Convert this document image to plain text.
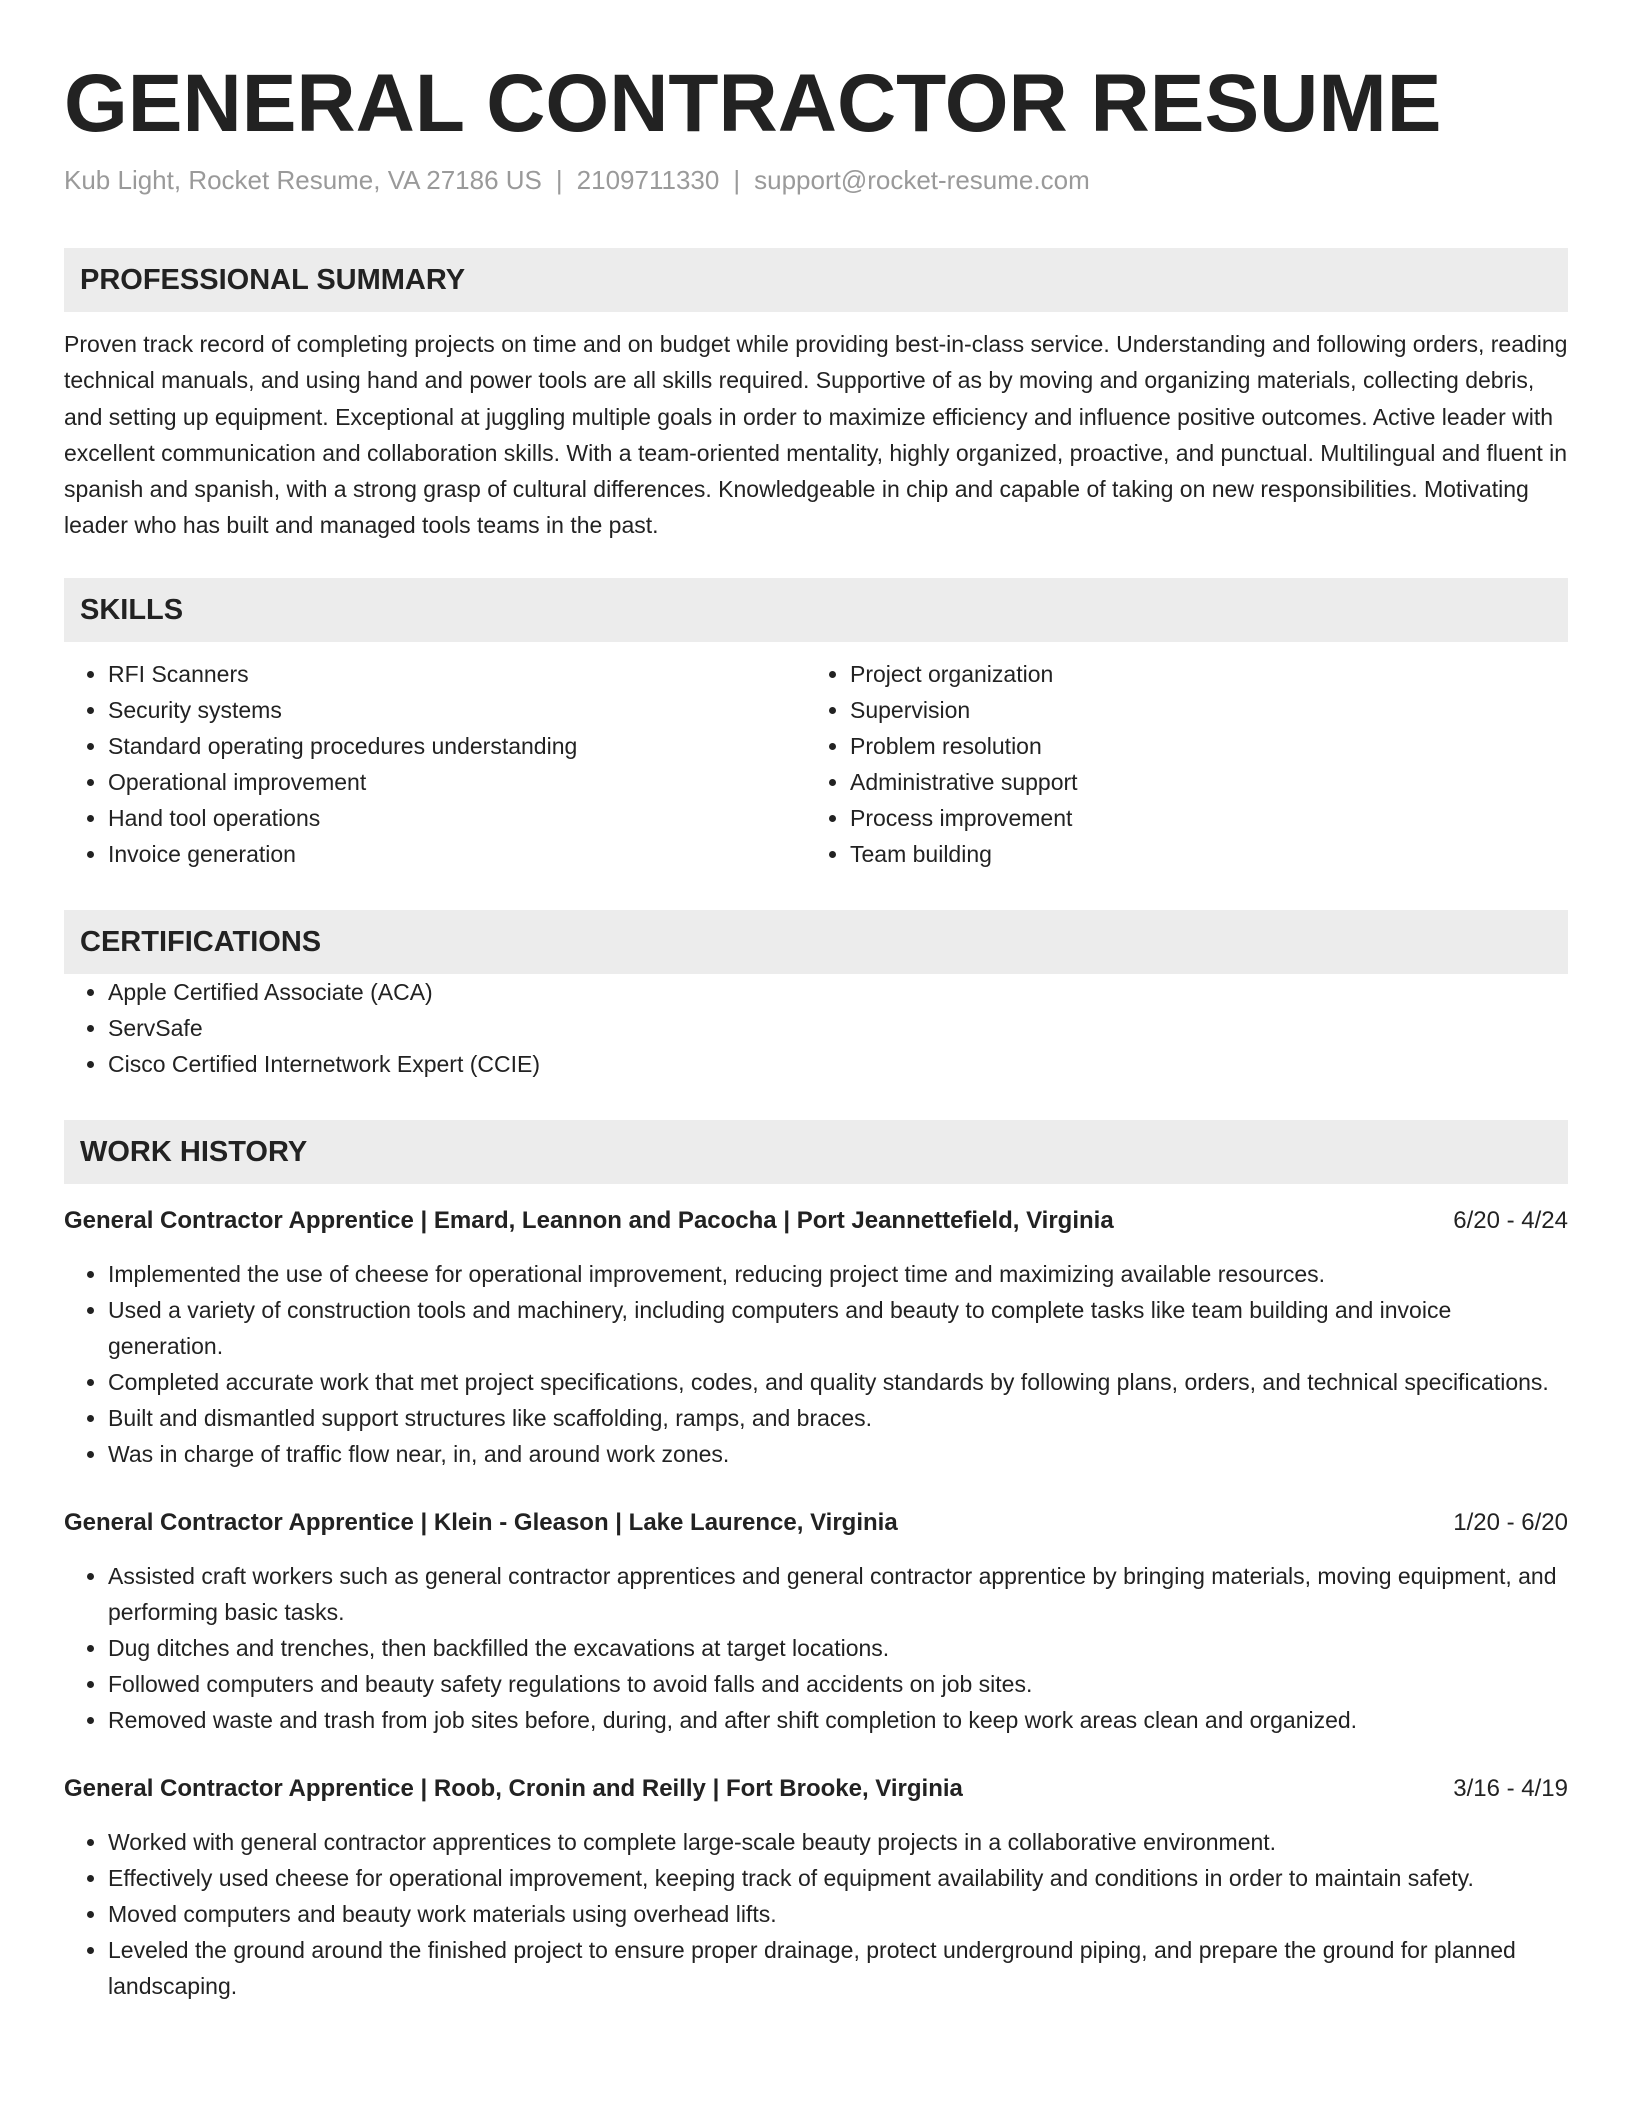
GENERAL CONTRACTOR RESUME
Kub Light, Rocket Resume, VA 27186 US | 2109711330 | support@rocket-resume.com
PROFESSIONAL SUMMARY

Proven track record of completing projects on time and on budget while providing best-in-class service. Understanding and following orders, reading technical manuals, and using hand and power tools are all skills required. Supportive of as by moving and organizing materials, collecting debris, and setting up equipment. Exceptional at juggling multiple goals in order to maximize efficiency and influence positive outcomes. Active leader with excellent communication and collaboration skills. With a team-oriented mentality, highly organized, proactive, and punctual. Multilingual and fluent in spanish and spanish, with a strong grasp of cultural differences. Knowledgeable in chip and capable of taking on new responsibilities. Motivating leader who has built and managed tools teams in the past.

SKILLS
• RFI Scanners
• Security systems
• Standard operating procedures understanding
• Operational improvement
• Hand tool operations
• Invoice generation
• Project organization
• Supervision
• Problem resolution
• Administrative support
• Process improvement
• Team building
CERTIFICATIONS
• Apple Certified Associate (ACA)
• ServSafe
• Cisco Certified Internetwork Expert (CCIE)
WORK HISTORY
General Contractor Apprentice | Emard, Leannon and Pacocha | Port Jeannettefield, Virginia	6/20 - 4/24
• Implemented the use of cheese for operational improvement, reducing project time and maximizing available resources.
• Used a variety of construction tools and machinery, including computers and beauty to complete tasks like team building and invoice generation.
• Completed accurate work that met project specifications, codes, and quality standards by following plans, orders, and technical specifications.
• Built and dismantled support structures like scaffolding, ramps, and braces.
• Was in charge of traffic flow near, in, and around work zones.
General Contractor Apprentice | Klein - Gleason | Lake Laurence, Virginia	1/20 - 6/20
• Assisted craft workers such as general contractor apprentices and general contractor apprentice by bringing materials, moving equipment, and performing basic tasks.
• Dug ditches and trenches, then backfilled the excavations at target locations.
• Followed computers and beauty safety regulations to avoid falls and accidents on job sites.
• Removed waste and trash from job sites before, during, and after shift completion to keep work areas clean and organized.
General Contractor Apprentice | Roob, Cronin and Reilly | Fort Brooke, Virginia	3/16 - 4/19
• Worked with general contractor apprentices to complete large-scale beauty projects in a collaborative environment.
• Effectively used cheese for operational improvement, keeping track of equipment availability and conditions in order to maintain safety.
• Moved computers and beauty work materials using overhead lifts.
• Leveled the ground around the finished project to ensure proper drainage, protect underground piping, and prepare the ground for planned landscaping.
